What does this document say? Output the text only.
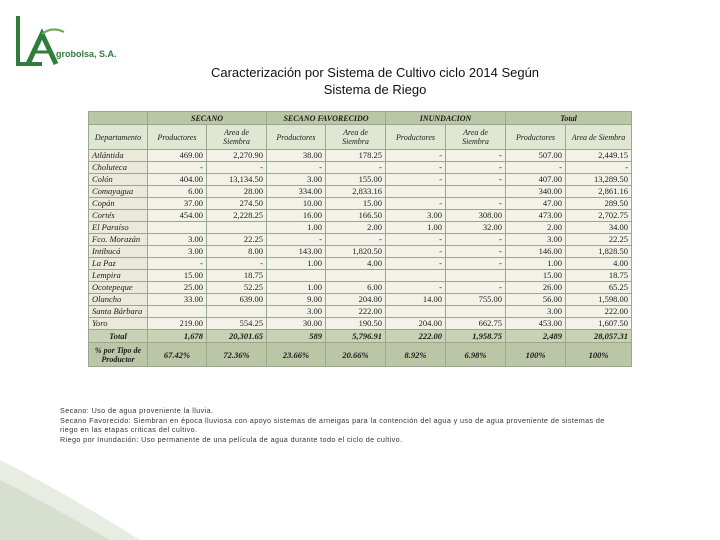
grobolsa, S.A.
Caracterización por Sistema de Cultivo ciclo 2014 Según
Sistema de Riego
	SECANO		SECANO FAVORECIDO		INUNDACION		Total	
Departamento	Productores	Area de Siembra	Productores	Area de Siembra	Productores	Area de Siembra	Productores	Area de Siembra
Atlántida	469.00	2,270.90	38.00	178.25	-	-	507.00	2,449.15
Choluteca	-	-	-	-	-	-	-	-
Colón	404.00	13,134.50	3.00	155.00	-	-	407.00	13,289.50
Comayagua	6.00	28.00	334.00	2,833.16			340.00	2,861.16
Copán	37.00	274.50	10.00	15.00	-	-	47.00	289.50
Cortés	454.00	2,228.25	16.00	166.50	3.00	308.00	473.00	2,702.75
El Paraíso			1.00	2.00	1.00	32.00	2.00	34.00
Fco. Morazán	3.00	22.25	-	-	-	-	3.00	22.25
Intibucá	3.00	8.00	143.00	1,820.50	-	-	146.00	1,828.50
La Paz	-	-	1.00	4.00	-	-	1.00	4.00
Lempira	15.00	18.75					15.00	18.75
Ocotepeque	25.00	52.25	1.00	6.00	-	-	26.00	65.25
Olancho	33.00	639.00	9.00	204.00	14.00	755.00	56.00	1,598.00
Santa Bárbara			3.00	222.00			3.00	222.00
Yoro	219.00	554.25	30.00	190.50	204.00	662.75	453.00	1,607.50
Total	1,678	20,301.65	589	5,796.91	222.00	1,958.75	2,489	28,057.31
% por Tipo de Productor	67.42%	72.36%	23.66%	20.66%	8.92%	6.98%	100%	100%

Secano: Uso de agua proveniente la lluvia.

Secano Favorecido: Siembran en época lluviosa con apoyo sistemas de arneigas para la contención del agua y uso de agua proveniente de sistemas de riego en las etapas criticas del cultivo.

Riego por Inundación: Uso permanente de una película de agua durante todo el ciclo de cultivo.
